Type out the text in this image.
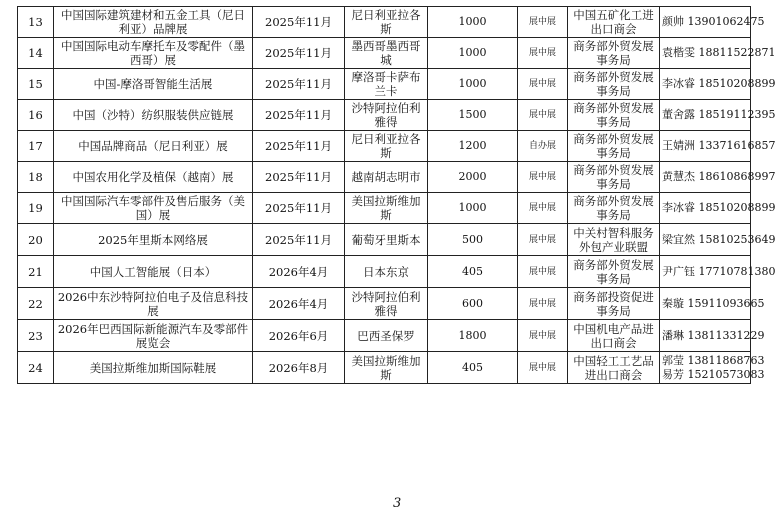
13	中国国际建筑建材和五金工具（尼日利亚）品牌展	2025年11月	尼日利亚拉各斯	1000	展中展	中国五矿化工进出口商会	颜帅 13901062475

14	中国国际电动车摩托车及零配件（墨西哥）展	2025年11月	墨西哥墨西哥城	1000	展中展	商务部外贸发展事务局	袁楷雯 18811522871

15	中国-摩洛哥智能生活展	2025年11月	摩洛哥卡萨布兰卡	1000	展中展	商务部外贸发展事务局	李冰睿 18510208899

16	中国（沙特）纺织服装供应链展	2025年11月	沙特阿拉伯利雅得	1500	展中展	商务部外贸发展事务局	董舍露 18519112395

17	中国品牌商品（尼日利亚）展	2025年11月	尼日利亚拉各斯	1200	自办展	商务部外贸发展事务局	王婧洲 13371616857

18	中国农用化学及植保（越南）展	2025年11月	越南胡志明市	2000	展中展	商务部外贸发展事务局	黄慧杰 18610868997

19	中国国际汽车零部件及售后服务（美国）展	2025年11月	美国拉斯维加斯	1000	展中展	商务部外贸发展事务局	李冰睿 18510208899

20	2025年里斯本网络展	2025年11月	葡萄牙里斯本	500	展中展	中关村智科服务外包产业联盟	梁宜然 15810253649

21	中国人工智能展（日本）	2026年4月	日本东京	405	展中展	商务部外贸发展事务局	尹广钰 17710781380

22	2026中东沙特阿拉伯电子及信息科技展	2026年4月	沙特阿拉伯利雅得	600	展中展	商务部投资促进事务局	秦璇 15911093665

23	2026年巴西国际新能源汽车及零部件展览会	2026年6月	巴西圣保罗	1800	展中展	中国机电产品进出口商会	潘琳 13811331229

24	美国拉斯维加斯国际鞋展	2026年8月	美国拉斯维加斯	405	展中展	中国轻工工艺品进出口商会	郭莹 13811868763
易芳 15210573083
3
